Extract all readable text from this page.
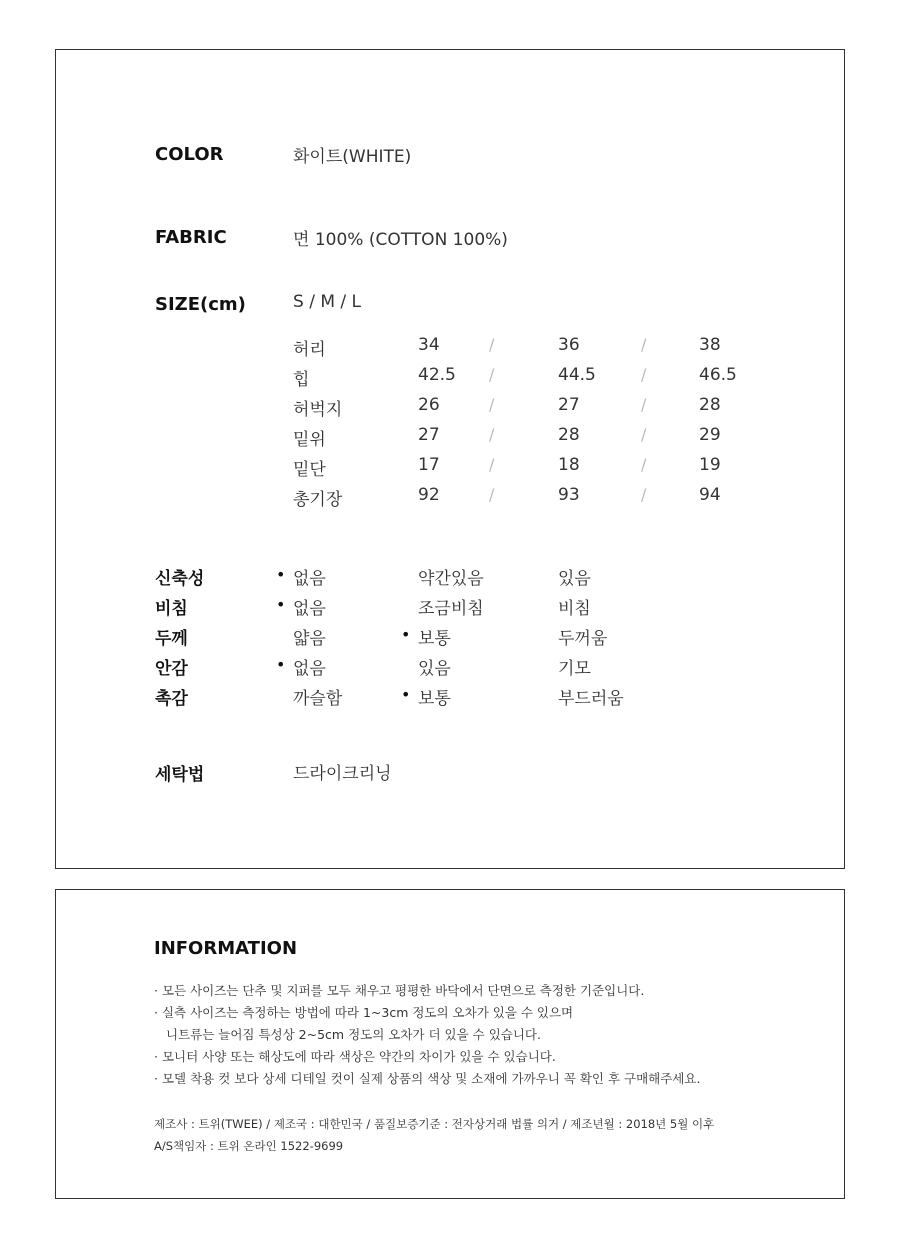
COLOR	화이트(WHITE)
FABRIC	면 100% (COTTON 100%)
SIZE(cm)	S / M / L
허리	34	/	36	/	38
힙	42.5 /	44.5	/	46.5
허벅지	26	/	27	/	28
밑위	27	/	28	/	29
밑단	17	/	18	/	19
총기장	92	/	93	/	94
신축성	없음	약간있음	있음
•
비침	없음	조금비침	비침
•
두께	얇음	보통	두꺼움
•
안감	없음	있음	기모
•
촉감	까슬함	보통	부드러움
•
세탁법	드라이크리닝
INFORMATION
· 모든 사이즈는 단추 및 지퍼를 모두 채우고 평평한 바닥에서 단면으로 측정한 기준입니다.
· 실측 사이즈는 측정하는 방법에 따라 1~3cm 정도의 오차가 있을 수 있으며
니트류는 늘어짐 특성상 2~5cm 정도의 오차가 더 있을 수 있습니다.
· 모니터 사양 또는 해상도에 따라 색상은 약간의 차이가 있을 수 있습니다.
· 모델 착용 컷 보다 상세 디테일 컷이 실제 상품의 색상 및 소재에 가까우니 꼭 확인 후 구매해주세요.
제조사 : 트위(TWEE) / 제조국 : 대한민국 / 품질보증기준 : 전자상거래 법률 의거 / 제조년월 : 2018년 5월 이후
A/S책임자 : 트위 온라인 1522-9699
